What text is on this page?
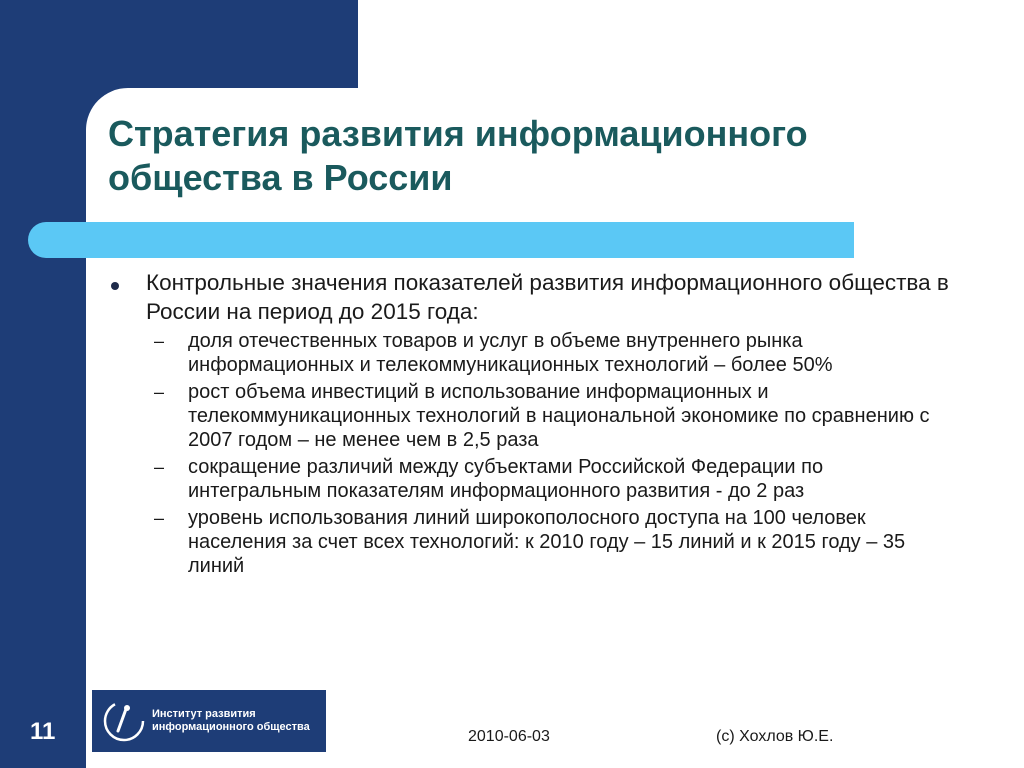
Стратегия развития информационного
общества в России
Контрольные значения показателей развития информационного общества в России на период до 2015 года:
–	доля отечественных товаров и услуг в объеме внутреннего рынка информационных и телекоммуникационных технологий – более 50%
–	рост объема инвестиций в использование информационных и телекоммуникационных технологий в национальной экономике по сравнению с 2007 годом – не менее чем в 2,5 раза
–	сокращение различий между субъектами Российской Федерации по интегральным показателям информационного развития - до 2 раз
–	уровень использования линий широкополосного доступа на 100 человек населения за счет всех технологий: к 2010 году – 15 линий и к 2015 году – 35 линий
11
Институт развития
информационного общества
2010-06-03	(с) Хохлов Ю.Е.
